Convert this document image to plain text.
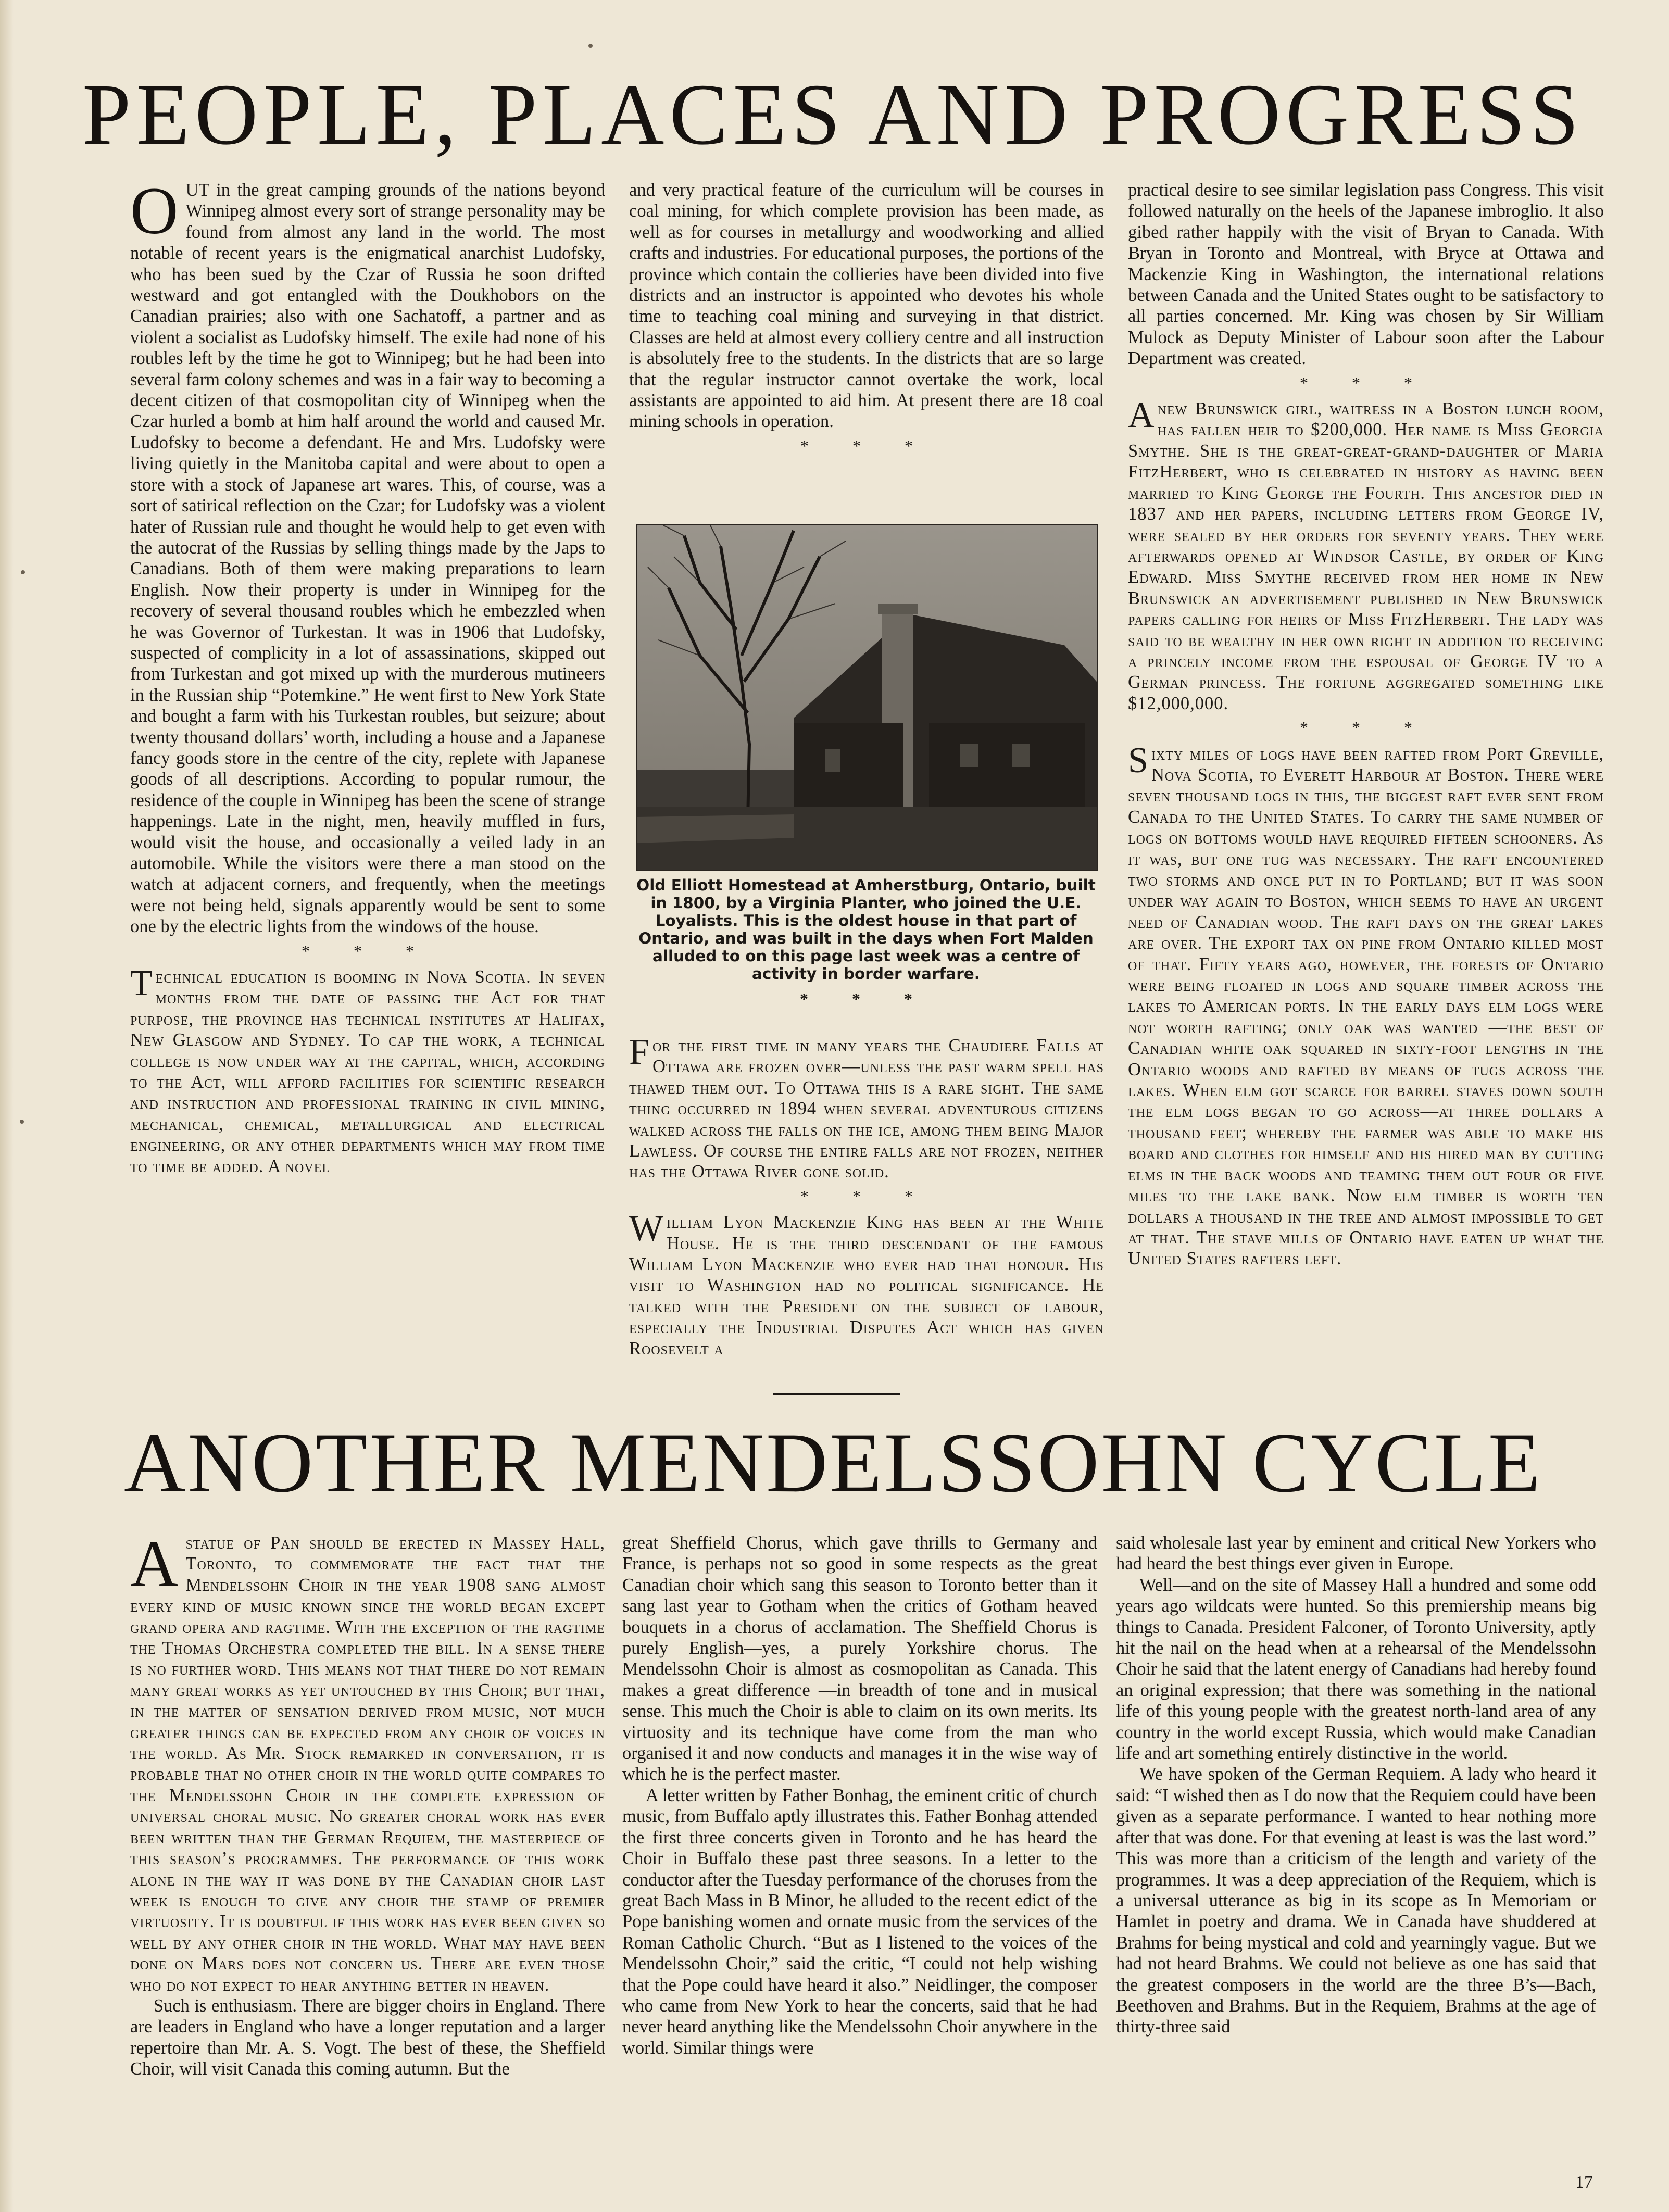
PEOPLE, PLACES AND PROGRESS

OUT in the great camping grounds of the nations beyond Winnipeg almost every sort of strange personality may be found from almost any land in the world. The most notable of recent years is the enigmatical anarchist Ludofsky, who has been sued by the Czar of Russia he soon drifted westward and got entangled with the Doukhobors on the Canadian prairies; also with one Sachatoff, a partner and as violent a socialist as Ludofsky himself. The exile had none of his roubles left by the time he got to Winnipeg; but he had been into several farm colony schemes and was in a fair way to becoming a decent citizen of that cosmopolitan city of Winnipeg when the Czar hurled a bomb at him half around the world and caused Mr. Ludofsky to become a defendant. He and Mrs. Ludofsky were living quietly in the Manitoba capital and were about to open a store with a stock of Japanese art wares. This, of course, was a sort of satirical reflection on the Czar; for Ludofsky was a violent hater of Russian rule and thought he would help to get even with the autocrat of the Russias by selling things made by the Japs to Canadians. Both of them were making preparations to learn English. Now their property is under in Winnipeg for the recovery of several thousand roubles which he embezzled when he was Governor of Turkestan. It was in 1906 that Ludofsky, suspected of complicity in a lot of assassinations, skipped out from Turkestan and got mixed up with the murderous mutineers in the Russian ship “Potemkine.” He went first to New York State and bought a farm with his Turkestan roubles, but seizure; about twenty thousand dollars’ worth, including a house and a Japanese fancy goods store in the centre of the city, replete with Japanese goods of all descriptions. According to popular rumour, the residence of the couple in Winnipeg has been the scene of strange happenings. Late in the night, men, heavily muffled in furs, would visit the house, and occasionally a veiled lady in an automobile. While the visitors were there a man stood on the watch at adjacent corners, and frequently, when the meetings were not being held, signals apparently would be sent to some one by the electric lights from the windows of the house.

* * *

Technical education is booming in Nova Scotia. In seven months from the date of passing the Act for that purpose, the province has technical institutes at Halifax, New Glasgow and Sydney. To cap the work, a technical college is now under way at the capital, which, according to the Act, will afford facilities for scientific research and instruction and professional training in civil mining, mechanical, chemical, metallurgical and electrical engineering, or any other departments which may from time to time be added. A novel

and very practical feature of the curriculum will be courses in coal mining, for which complete provision has been made, as well as for courses in metallurgy and woodworking and allied crafts and industries. For educational purposes, the portions of the province which contain the collieries have been divided into five districts and an instructor is appointed who devotes his whole time to teaching coal mining and surveying in that district. Classes are held at almost every colliery centre and all instruction is absolutely free to the students. In the districts that are so large that the regular instructor cannot overtake the work, local assistants are appointed to aid him. At present there are 18 coal mining schools in operation.

* * *

Old Elliott Homestead at Amherstburg, Ontario, built in 1800, by a Virginia Planter, who joined the U.E. Loyalists. This is the oldest house in that part of Ontario, and was built in the days when Fort Malden alluded to on this page last week was a centre of activity in border warfare.
* * *

For the first time in many years the Chaudiere Falls at Ottawa are frozen over—unless the past warm spell has thawed them out. To Ottawa this is a rare sight. The same thing occurred in 1894 when several adventurous citizens walked across the falls on the ice, among them being Major Lawless. Of course the entire falls are not frozen, neither has the Ottawa River gone solid.

* * *

William Lyon Mackenzie King has been at the White House. He is the third descendant of the famous William Lyon Mackenzie who ever had that honour. His visit to Washington had no political significance. He talked with the President on the subject of labour, especially the Industrial Disputes Act which has given Roosevelt a

practical desire to see similar legislation pass Congress. This visit followed naturally on the heels of the Japanese imbroglio. It also gibed rather happily with the visit of Bryan to Canada. With Bryan in Toronto and Montreal, with Bryce at Ottawa and Mackenzie King in Washington, the international relations between Canada and the United States ought to be satisfactory to all parties concerned. Mr. King was chosen by Sir William Mulock as Deputy Minister of Labour soon after the Labour Department was created.

* * *

Anew Brunswick girl, waitress in a Boston lunch room, has fallen heir to $200,000. Her name is Miss Georgia Smythe. She is the great-great-grand-daughter of Maria FitzHerbert, who is celebrated in history as having been married to King George the Fourth. This ancestor died in 1837 and her papers, including letters from George IV, were sealed by her orders for seventy years. They were afterwards opened at Windsor Castle, by order of King Edward. Miss Smythe received from her home in New Brunswick an advertisement published in New Brunswick papers calling for heirs of Miss FitzHerbert. The lady was said to be wealthy in her own right in addition to receiving a princely income from the espousal of George IV to a German princess. The fortune aggregated something like $12,000,000.

* * *

Sixty miles of logs have been rafted from Port Greville, Nova Scotia, to Everett Harbour at Boston. There were seven thousand logs in this, the biggest raft ever sent from Canada to the United States. To carry the same number of logs on bottoms would have required fifteen schooners. As it was, but one tug was necessary. The raft encountered two storms and once put in to Portland; but it was soon under way again to Boston, which seems to have an urgent need of Canadian wood. The raft days on the great lakes are over. The export tax on pine from Ontario killed most of that. Fifty years ago, however, the forests of Ontario were being floated in logs and square timber across the lakes to American ports. In the early days elm logs were not worth rafting; only oak was wanted —the best of Canadian white oak squared in sixty-foot lengths in the Ontario woods and rafted by means of tugs across the lakes. When elm got scarce for barrel staves down south the elm logs began to go across—at three dollars a thousand feet; whereby the farmer was able to make his board and clothes for himself and his hired man by cutting elms in the back woods and teaming them out four or five miles to the lake bank. Now elm timber is worth ten dollars a thousand in the tree and almost impossible to get at that. The stave mills of Ontario have eaten up what the United States rafters left.

ANOTHER MENDELSSOHN CYCLE

Astatue of Pan should be erected in Massey Hall, Toronto, to commemorate the fact that the Mendelssohn Choir in the year 1908 sang almost every kind of music known since the world began except grand opera and ragtime. With the exception of the ragtime the Thomas Orchestra completed the bill. In a sense there is no further word. This means not that there do not remain many great works as yet untouched by this Choir; but that, in the matter of sensation derived from music, not much greater things can be expected from any choir of voices in the world. As Mr. Stock remarked in conversation, it is probable that no other choir in the world quite compares to the Mendelssohn Choir in the complete expression of universal choral music. No greater choral work has ever been written than the German Requiem, the masterpiece of this season’s programmes. The performance of this work alone in the way it was done by the Canadian choir last week is enough to give any choir the stamp of premier virtuosity. It is doubtful if this work has ever been given so well by any other choir in the world. What may have been done on Mars does not concern us. There are even those who do not expect to hear anything better in heaven.

Such is enthusiasm. There are bigger choirs in England. There are leaders in England who have a longer reputation and a larger repertoire than Mr. A. S. Vogt. The best of these, the Sheffield Choir, will visit Canada this coming autumn. But the

great Sheffield Chorus, which gave thrills to Germany and France, is perhaps not so good in some respects as the great Canadian choir which sang this season to Toronto better than it sang last year to Gotham when the critics of Gotham heaved bouquets in a chorus of acclamation. The Sheffield Chorus is purely English—yes, a purely Yorkshire chorus. The Mendelssohn Choir is almost as cosmopolitan as Canada. This makes a great difference —in breadth of tone and in musical sense. This much the Choir is able to claim on its own merits. Its virtuosity and its technique have come from the man who organised it and now conducts and manages it in the wise way of which he is the perfect master.

A letter written by Father Bonhag, the eminent critic of church music, from Buffalo aptly illustrates this. Father Bonhag attended the first three concerts given in Toronto and he has heard the Choir in Buffalo these past three seasons. In a letter to the conductor after the Tuesday performance of the choruses from the great Bach Mass in B Minor, he alluded to the recent edict of the Pope banishing women and ornate music from the services of the Roman Catholic Church. “But as I listened to the voices of the Mendelssohn Choir,” said the critic, “I could not help wishing that the Pope could have heard it also.” Neidlinger, the composer who came from New York to hear the concerts, said that he had never heard anything like the Mendelssohn Choir anywhere in the world. Similar things were

said wholesale last year by eminent and critical New Yorkers who had heard the best things ever given in Europe.

Well—and on the site of Massey Hall a hundred and some odd years ago wildcats were hunted. So this premiership means big things to Canada. President Falconer, of Toronto University, aptly hit the nail on the head when at a rehearsal of the Mendelssohn Choir he said that the latent energy of Canadians had hereby found an original expression; that there was something in the national life of this young people with the greatest north-land area of any country in the world except Russia, which would make Canadian life and art something entirely distinctive in the world.

We have spoken of the German Requiem. A lady who heard it said: “I wished then as I do now that the Requiem could have been given as a separate performance. I wanted to hear nothing more after that was done. For that evening at least is was the last word.” This was more than a criticism of the length and variety of the programmes. It was a deep appreciation of the Requiem, which is a universal utterance as big in its scope as In Memoriam or Hamlet in poetry and drama. We in Canada have shuddered at Brahms for being mystical and cold and yearningly vague. But we had not heard Brahms. We could not believe as one has said that the greatest composers in the world are the three B’s—Bach, Beethoven and Brahms. But in the Requiem, Brahms at the age of thirty-three said

17
